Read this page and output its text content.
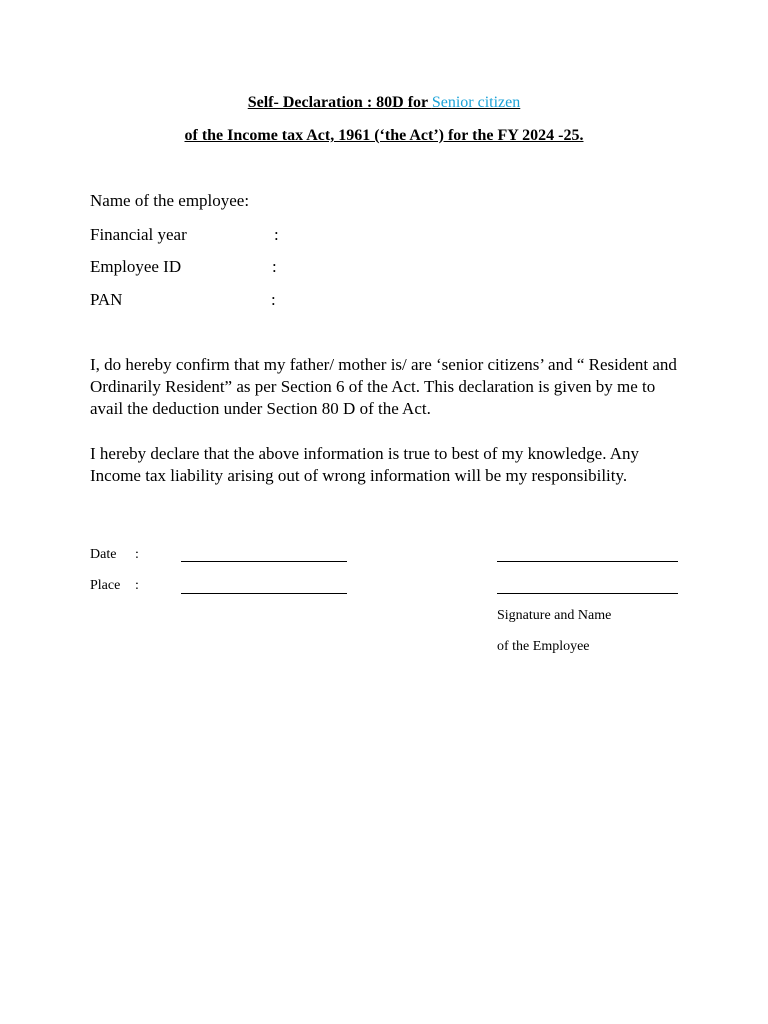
Self- Declaration : 80D for Senior citizen
of the Income tax Act, 1961 (‘the Act’) for the FY 2024 -25.
Name of the employee:
Financial year	:
Employee ID	:
PAN	:
I, do hereby confirm that my father/ mother is/ are ‘senior citizens’ and “ Resident and Ordinarily Resident” as per Section 6 of the Act. This declaration is given by me to avail the deduction under Section 80 D of the Act.
I hereby declare that the above information is true to best of my knowledge. Any Income tax liability arising out of wrong information will be my responsibility.
Date :
Place :
Signature and Name
of the Employee
